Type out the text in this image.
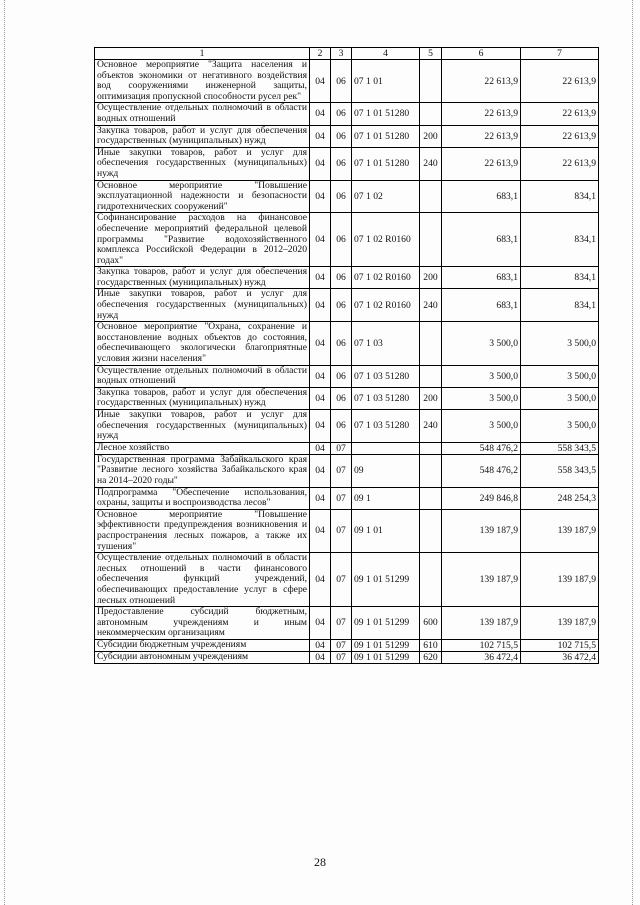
1	2	3	4	5	6	7
Основное мероприятие "Защита населения и объектов экономики от негативного воздействия вод сооружениями инженерной защиты, оптимизация пропускной способности русел рек"	04	06	07 1 01		22 613,9	22 613,9
Осуществление отдельных полномочий в области водных отношений	04	06	07 1 01 51280		22 613,9	22 613,9
Закупка товаров, работ и услуг для обеспечения государственных (муниципальных) нужд	04	06	07 1 01 51280	200	22 613,9	22 613,9
Иные закупки товаров, работ и услуг для обеспечения государственных (муниципальных) нужд	04	06	07 1 01 51280	240	22 613,9	22 613,9
Основное мероприятие "Повышение эксплуатационной надежности и безопасности гидротехнических сооружений"	04	06	07 1 02		683,1	834,1
Софинансирование расходов на финансовое обеспечение мероприятий федеральной целевой программы "Развитие водохозяйственного комплекса Российской Федерации в 2012–2020 годах"	04	06	07 1 02 R0160		683,1	834,1
Закупка товаров, работ и услуг для обеспечения государственных (муниципальных) нужд	04	06	07 1 02 R0160	200	683,1	834,1
Иные закупки товаров, работ и услуг для обеспечения государственных (муниципальных) нужд	04	06	07 1 02 R0160	240	683,1	834,1
Основное мероприятие "Охрана, сохранение и восстановление водных объектов до состояния, обеспечивающего экологически благоприятные условия жизни населения"	04	06	07 1 03		3 500,0	3 500,0
Осуществление отдельных полномочий в области водных отношений	04	06	07 1 03 51280		3 500,0	3 500,0
Закупка товаров, работ и услуг для обеспечения государственных (муниципальных) нужд	04	06	07 1 03 51280	200	3 500,0	3 500,0
Иные закупки товаров, работ и услуг для обеспечения государственных (муниципальных) нужд	04	06	07 1 03 51280	240	3 500,0	3 500,0
Лесное хозяйство	04	07			548 476,2	558 343,5
Государственная программа Забайкальского края "Развитие лесного хозяйства Забайкальского края на 2014–2020 годы"	04	07	09		548 476,2	558 343,5
Подпрограмма "Обеспечение использования, охраны, защиты и воспроизводства лесов"	04	07	09 1		249 846,8	248 254,3
Основное мероприятие "Повышение эффективности предупреждения возникновения и распространения лесных пожаров, а также их тушения"	04	07	09 1 01		139 187,9	139 187,9
Осуществление отдельных полномочий в области лесных отношений в части финансового обеспечения функций учреждений, обеспечивающих предоставление услуг в сфере лесных отношений	04	07	09 1 01 51299		139 187,9	139 187,9
Предоставление субсидий бюджетным, автономным учреждениям и иным некоммерческим организациям	04	07	09 1 01 51299	600	139 187,9	139 187,9
Субсидии бюджетным учреждениям	04	07	09 1 01 51299	610	102 715,5	102 715,5
Субсидии автономным учреждениям	04	07	09 1 01 51299	620	36 472,4	36 472,4
28
